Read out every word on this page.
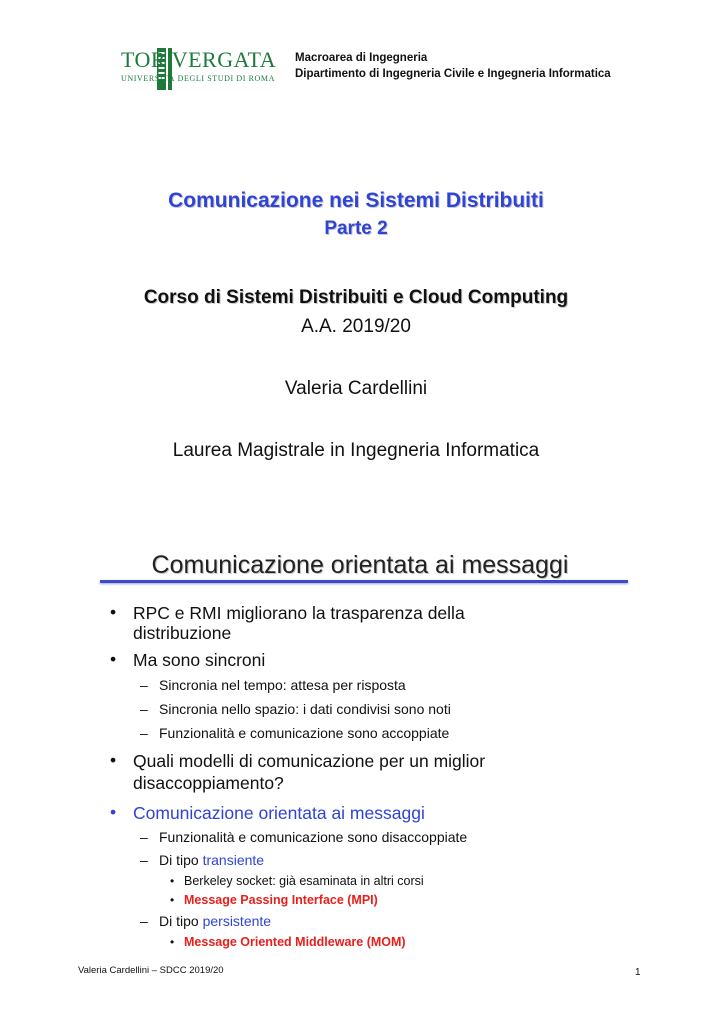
TOR VERGATA
UNIVERSITÀ DEGLI STUDI DI ROMA
Macroarea di Ingegneria
Dipartimento di Ingegneria Civile e Ingegneria Informatica
Comunicazione nei Sistemi Distribuiti
Parte 2
Corso di Sistemi Distribuiti e Cloud Computing
A.A. 2019/20
Valeria Cardellini
Laurea Magistrale in Ingegneria Informatica
Comunicazione orientata ai messaggi
• RPC e RMI migliorano la trasparenza della
distribuzione
• Ma sono sincroni
– Sincronia nel tempo: attesa per risposta
– Sincronia nello spazio: i dati condivisi sono noti
– Funzionalità e comunicazione sono accoppiate
• Quali modelli di comunicazione per un miglior
disaccoppiamento?
• Comunicazione orientata ai messaggi
– Funzionalità e comunicazione sono disaccoppiate
– Di tipo transiente
• Berkeley socket: già esaminata in altri corsi
• Message Passing Interface (MPI)
– Di tipo persistente
• Message Oriented Middleware (MOM)
Valeria Cardellini – SDCC 2019/20	1
